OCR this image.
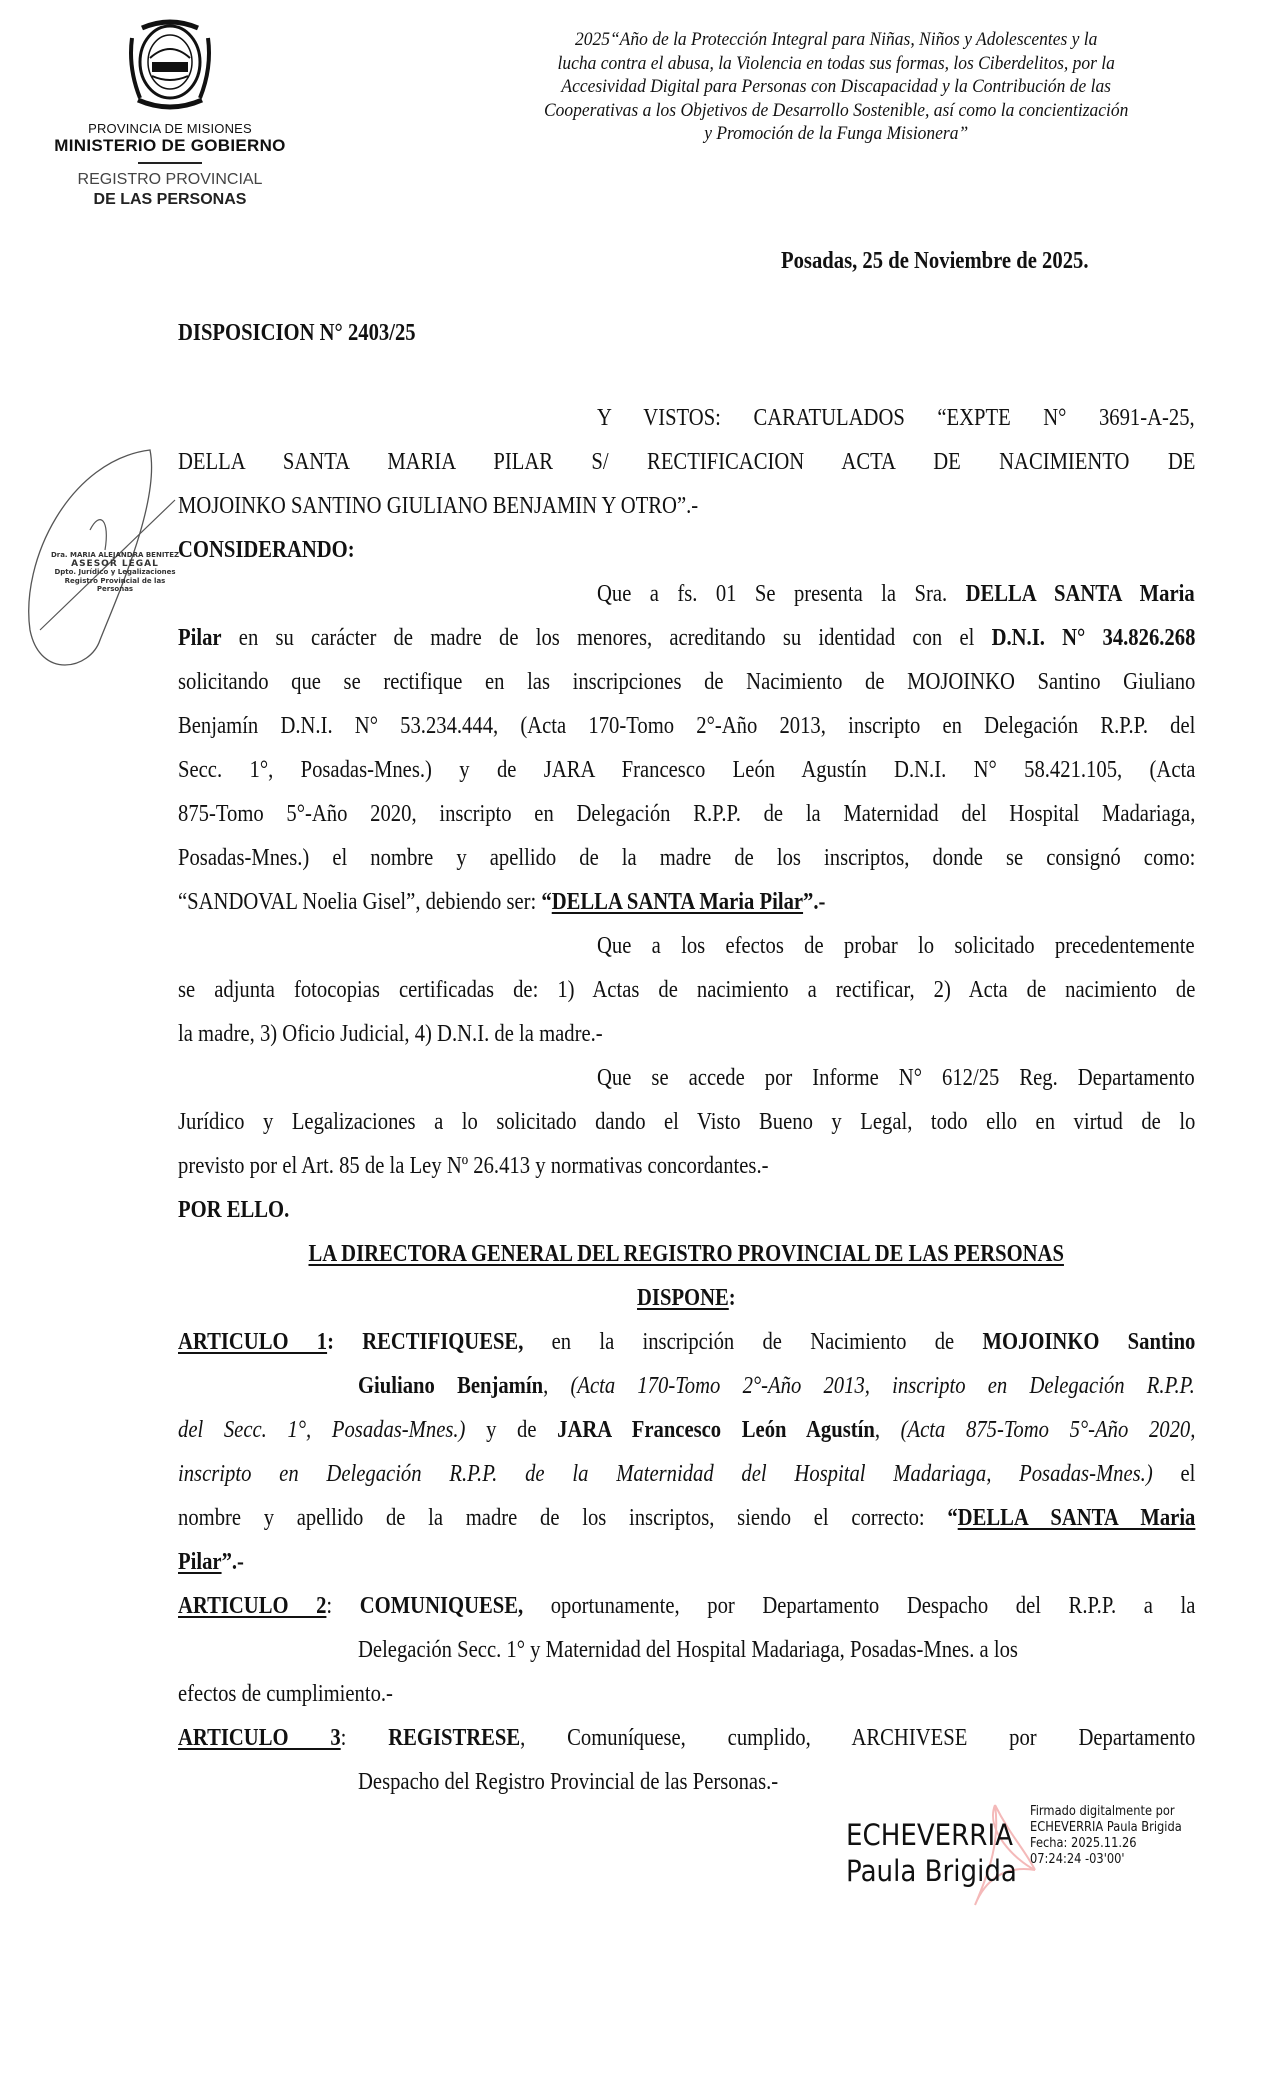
PROVINCIA DE MISIONES
MINISTERIO DE GOBIERNO
REGISTRO PROVINCIAL
DE LAS PERSONAS
2025“Año de la Protección Integral para Niñas, Niños y Adolescentes y la
lucha contra el abusa, la Violencia en todas sus formas, los Ciberdelitos, por la
Accesividad Digital para Personas con Discapacidad y la Contribución de las
Cooperativas a los Objetivos de Desarrollo Sostenible, así como la concientización
y Promoción de la Funga Misionera”
Dra. MARIA ALEJANDRA BENITEZ
ASESOR LEGAL
Dpto. Jurídico y Legalizaciones
Registro Provincial de las Personas
Posadas, 25 de Noviembre de 2025.
DISPOSICION N° 2403/25
Y VISTOS: CARATULADOS “EXPTE N° 3691-A-25,
DELLA SANTA MARIA PILAR S/ RECTIFICACION ACTA DE NACIMIENTO DE
MOJOINKO SANTINO GIULIANO BENJAMIN Y OTRO”.-
CONSIDERANDO:
Que a fs. 01 Se presenta la Sra. DELLA SANTA Maria
Pilar en su carácter de madre de los menores, acreditando su identidad con el D.N.I. N° 34.826.268
solicitando que se rectifique en las inscripciones de Nacimiento de MOJOINKO Santino Giuliano
Benjamín D.N.I. N° 53.234.444, (Acta 170-Tomo 2°-Año 2013, inscripto en Delegación R.P.P. del
Secc. 1°, Posadas-Mnes.) y de JARA Francesco León Agustín D.N.I. N° 58.421.105, (Acta
875-Tomo 5°-Año 2020, inscripto en Delegación R.P.P. de la Maternidad del Hospital Madariaga,
Posadas-Mnes.) el nombre y apellido de la madre de los inscriptos, donde se consignó como:
“SANDOVAL Noelia Gisel”, debiendo ser: “DELLA SANTA Maria Pilar”.-
Que a los efectos de probar lo solicitado precedentemente
se adjunta fotocopias certificadas de: 1) Actas de nacimiento a rectificar, 2) Acta de nacimiento de
la madre, 3) Oficio Judicial, 4) D.N.I. de la madre.-
Que se accede por Informe N° 612/25 Reg. Departamento
Jurídico y Legalizaciones a lo solicitado dando el Visto Bueno y Legal, todo ello en virtud de lo
previsto por el Art. 85 de la Ley Nº 26.413 y normativas concordantes.-
POR ELLO.
LA DIRECTORA GENERAL DEL REGISTRO PROVINCIAL DE LAS PERSONAS
DISPONE:
ARTICULO 1: RECTIFIQUESE, en la inscripción de Nacimiento de MOJOINKO Santino
Giuliano Benjamín, (Acta 170-Tomo 2°-Año 2013, inscripto en Delegación R.P.P.
del Secc. 1°, Posadas-Mnes.) y de JARA Francesco León Agustín, (Acta 875-Tomo 5°-Año 2020,
inscripto en Delegación R.P.P. de la Maternidad del Hospital Madariaga, Posadas-Mnes.) el
nombre y apellido de la madre de los inscriptos, siendo el correcto: “DELLA SANTA Maria
Pilar”.-
ARTICULO 2: COMUNIQUESE, oportunamente, por Departamento Despacho del R.P.P. a la
Delegación Secc. 1° y Maternidad del Hospital Madariaga, Posadas-Mnes. a los
efectos de cumplimiento.-
ARTICULO 3: REGISTRESE, Comuníquese, cumplido, ARCHIVESE por Departamento
Despacho del Registro Provincial de las Personas.-
ECHEVERRIA
Paula Brigida
Firmado digitalmente por
ECHEVERRIA Paula Brigida
Fecha: 2025.11.26
07:24:24 -03'00'
